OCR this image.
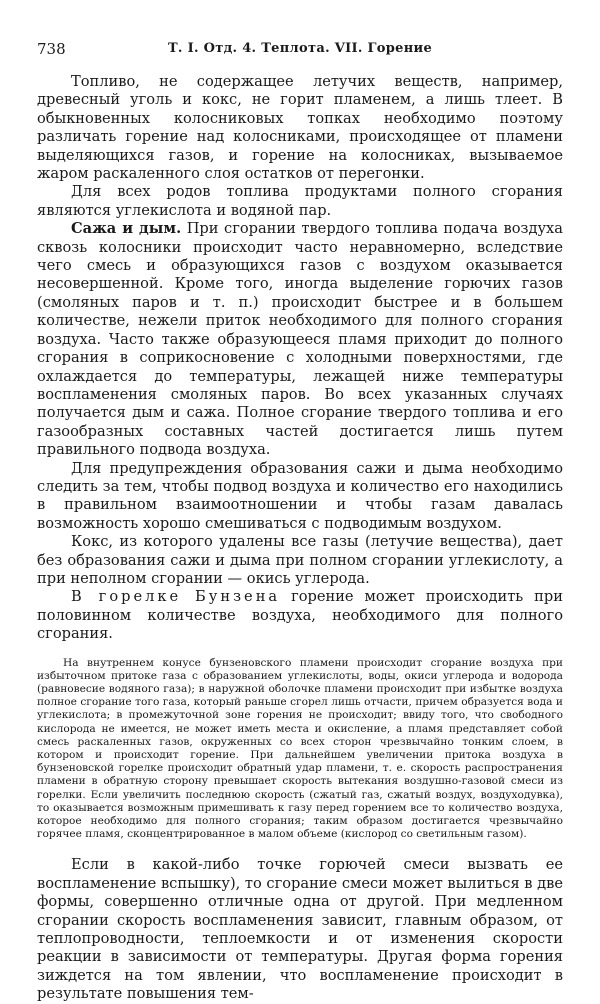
738	Т. I. Отд. 4. Теплота. VII. Горение

Топливо, не содержащее летучих веществ, например, древесный уголь и кокс, не горит пламенем, а лишь тлеет. В обыкновенных колосниковых топках необходимо поэтому различать горение над колосниками, происходящее от пламени выделяющихся газов, и горение на колосниках, вызываемое жаром раскаленного слоя остатков от перегонки.

Для всех родов топлива продуктами полного сгорания являются углекислота и водяной пар.

Сажа и дым. При сгорании твердого топлива подача воздуха сквозь колосники происходит часто неравномерно, вследствие чего смесь и образующихся газов с воздухом оказывается несовершенной. Кроме того, иногда выделение горючих газов (смоляных паров и т. п.) происходит быстрее и в большем количестве, нежели приток необходимого для полного сгорания воздуха. Часто также образующееся пламя приходит до полного сгорания в соприкосновение с холодными поверхностями, где охлаждается до температуры, лежащей ниже температуры воспламенения смоляных паров. Во всех указанных случаях получается дым и сажа. Полное сгорание твердого топлива и его газообразных составных частей достигается лишь путем правильного подвода воздуха.

Для предупреждения образования сажи и дыма необходимо следить за тем, чтобы подвод воздуха и количество его находились в правильном взаимоотношении и чтобы газам давалась возможность хорошо смешиваться с подводимым воздухом.

Кокс, из которого удалены все газы (летучие вещества), дает без образования сажи и дыма при полном сгорании углекислоту, а при неполном сгорании — окись углерода.

В горелке Бунзена горение может происходить при половинном количестве воздуха, необходимого для полного сгорания.

На внутреннем конусе бунзеновского пламени происходит сгорание воздуха при избыточном притоке газа с образованием углекислоты, воды, окиси углерода и водорода (равновесие водяного газа); в наружной оболочке пламени происходит при избытке воздуха полное сгорание того газа, который раньше сгорел лишь отчасти, причем образуется вода и углекислота; в промежуточной зоне горения не происходит; ввиду того, что свободного кислорода не имеется, не может иметь места и окисление, а пламя представляет собой смесь раскаленных газов, окруженных со всех сторон чрезвычайно тонким слоем, в котором и происходит горение. При дальнейшем увеличении притока воздуха в бунзеновской горелке происходит обратный удар пламени, т. е. скорость распространения пламени в обратную сторону превышает скорость вытекания воздушно-газовой смеси из горелки. Если увеличить последнюю скорость (сжатый газ, сжатый воздух, воздуходувка), то оказывается возможным примешивать к газу перед горением все то количество воздуха, которое необходимо для полного сгорания; таким образом достигается чрезвычайно горячее пламя, сконцентрированное в малом объеме (кислород со светильным газом).

Если в какой-либо точке горючей смеси вызвать ее воспламенение вспышку), то сгорание смеси может вылиться в две формы, совершенно отличные одна от другой. При медленном сгорании скорость воспламенения зависит, главным образом, от теплопроводности, теплоемкости и от изменения скорости реакции в зависимости от температуры. Другая форма горения зиждется на том явлении, что воспламенение происходит в результате повышения тем-
